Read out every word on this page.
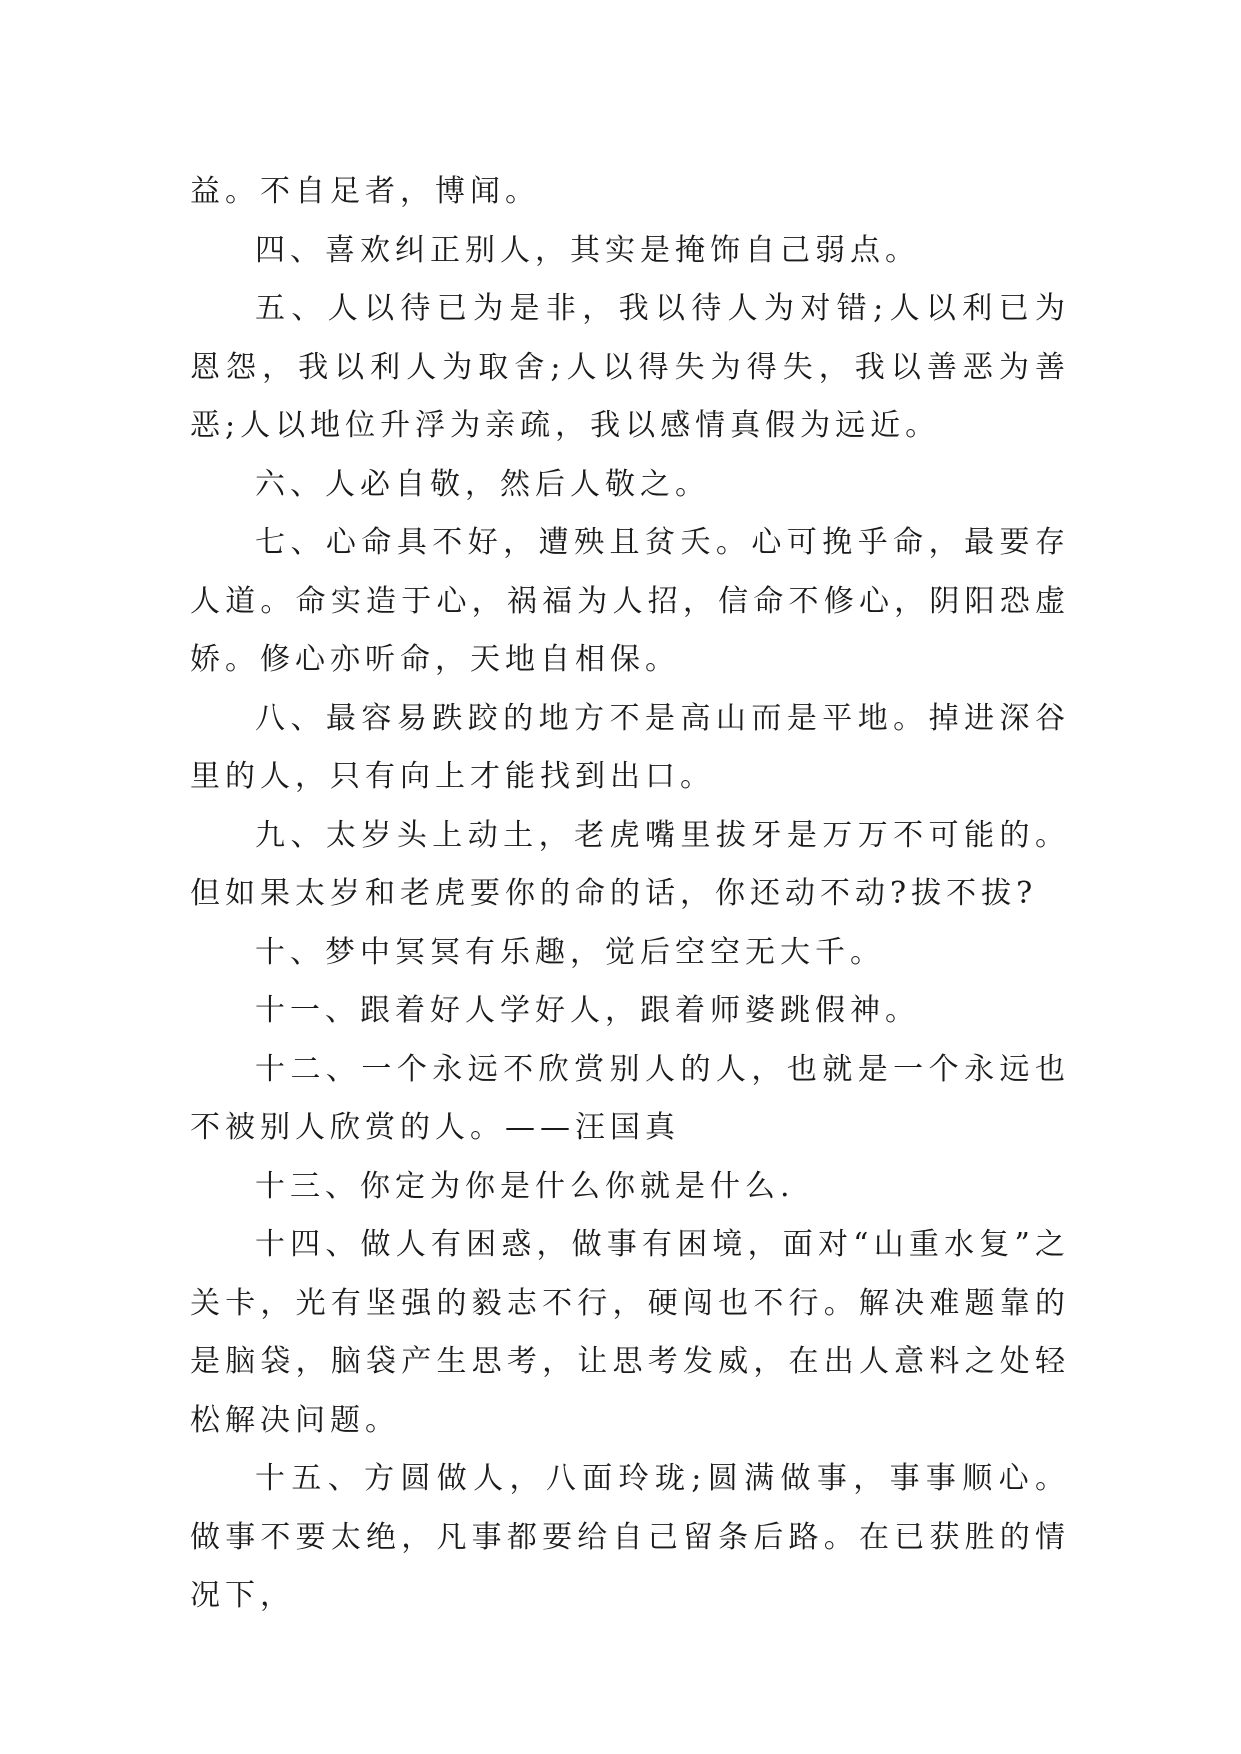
益。不自足者，博闻。

四、喜欢纠正别人，其实是掩饰自己弱点。

五、人以待已为是非，我以待人为对错;人以利已为恩怨，我以利人为取舍;人以得失为得失，我以善恶为善恶;人以地位升浮为亲疏，我以感情真假为远近。

六、人必自敬，然后人敬之。

七、心命具不好，遭殃且贫夭。心可挽乎命，最要存人道。命实造于心，祸福为人招，信命不修心，阴阳恐虚娇。修心亦听命，天地自相保。

八、最容易跌跤的地方不是高山而是平地。掉进深谷里的人，只有向上才能找到出口。

九、太岁头上动土，老虎嘴里拔牙是万万不可能的。但如果太岁和老虎要你的命的话，你还动不动?拔不拔?

十、梦中冥冥有乐趣，觉后空空无大千。

十一、跟着好人学好人，跟着师婆跳假神。

十二、一个永远不欣赏别人的人，也就是一个永远也不被别人欣赏的人。——汪国真

十三、你定为你是什么你就是什么.

十四、做人有困惑，做事有困境，面对“山重水复”之关卡，光有坚强的毅志不行，硬闯也不行。解决难题靠的是脑袋，脑袋产生思考，让思考发威，在出人意料之处轻松解决问题。

十五、方圆做人，八面玲珑;圆满做事，事事顺心。做事不要太绝，凡事都要给自己留条后路。在已获胜的情况下，
